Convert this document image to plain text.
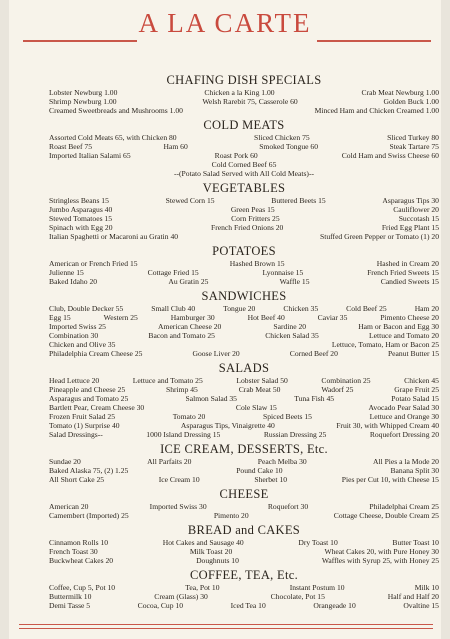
A LA CARTE
CHAFING DISH SPECIALS
Lobster Newburg 1.00	Chicken a la King 1.00	Crab Meat Newburg 1.00
Shrimp Newburg 1.00	Welsh Rarebit 75, Casserole 60	Golden Buck 1.00
Creamed Sweetbreads and Mushrooms 1.00	Minced Ham and Chicken Creamed 1.00
COLD MEATS
Assorted Cold Meats 65, with Chicken 80	Sliced Chicken 75	Sliced Turkey 80
Roast Beef 75	Ham 60	Smoked Tongue 60	Steak Tartare 75
Imported Italian Salami 65	Roast Pork 60	Cold Ham and Swiss Cheese 60
Cold Corned Beef 65
--(Potato Salad Served with All Cold Meats)--
VEGETABLES
Stringless Beans 15	Stewed Corn 15	Buttered Beets 15	Asparagus Tips 30
Jumbo Asparagus 40	Green Peas 15	Cauliflower 20
Stewed Tomatoes 15	Corn Fritters 25	Succotash 15
Spinach with Egg 20	French Fried Onions 20	Fried Egg Plant 15
Italian Spaghetti or Macaroni au Gratin 40	Stuffed Green Pepper or Tomato (1) 20
POTATOES
American or French Fried 15	Hashed Brown 15	Hashed in Cream 20
Julienne 15	Cottage Fried 15	Lyonnaise 15	French Fried Sweets 15
Baked Idaho 20	Au Gratin 25	Waffle 15	Candied Sweets 15
SANDWICHES
Club, Double Decker 55	Small Club 40	Tongue 20	Chicken 35	Cold Beef 25	Ham 20
Egg 15	Western 25	Hamburger 30	Hot Beef 40	Caviar 35	Pimento Cheese 20
Imported Swiss 25	American Cheese 20	Sardine 20	Ham or Bacon and Egg 30
Combination 30	Bacon and Tomato 25	Chicken Salad 35	Lettuce and Tomato 20
Chicken and Olive 35	Lettuce, Tomato, Ham or Bacon 25
Philadelphia Cream Cheese 25	Goose Liver 20	Corned Beef 20	Peanut Butter 15
SALADS
Head Lettuce 20	Lettuce and Tomato 25	Lobster Salad 50	Combination 25	Chicken 45
Pineapple and Cheese 25	Shrimp 45	Crab Meat 50	Wadorf 25	Grape Fruit 25
Asparagus and Tomato 25	Salmon Salad 35	Tuna Fish 45	Potato Salad 15
Bartlett Pear, Cream Cheese 30	Cole Slaw 15	Avocado Pear Salad 30
Frozen Fruit Salad 25	Tomato 20	Spiced Beets 15	Lettuce and Orange 30
Tomato (1) Surprise 40	Asparagus Tips, Vinaigrette 40	Fruit 30, with Whipped Cream 40
Salad Dressings--	1000 Island Dressing 15	Russian Dressing 25	Roquefort Dressing 20
ICE CREAM, DESSERTS, Etc.
Sundae 20	All Parfaits 20	Peach Melba 30	All Pies a la Mode 20
Baked Alaska 75, (2) 1.25	Pound Cake 10	Banana Split 30
All Short Cake 25	Ice Cream 10	Sherbet 10	Pies per Cut 10, with Cheese 15
CHEESE
American 20	Imported Swiss 30	Roquefort 30	Philadelphai Cream 25
Camembert (Imported) 25	Pimento 20	Cottage Cheese, Double Cream 25
BREAD and CAKES
Cinnamon Rolls 10	Hot Cakes and Sausage 40	Dry Toast 10	Butter Toast 10
French Toast 30	Milk Toast 20	Wheat Cakes 20, with Pure Honey 30
Buckwheat Cakes 20	Doughnuts 10	Waffles with Syrup 25, with Honey 25
COFFEE, TEA, Etc.
Coffee, Cup 5, Pot 10	Tea, Pot 10	Instant Postum 10	Milk 10
Buttermilk 10	Cream (Glass) 30	Chocolate, Pot 15	Half and Half 20
Demi Tasse 5	Cocoa, Cup 10	Iced Tea 10	Orangeade 10	Ovaltine 15
